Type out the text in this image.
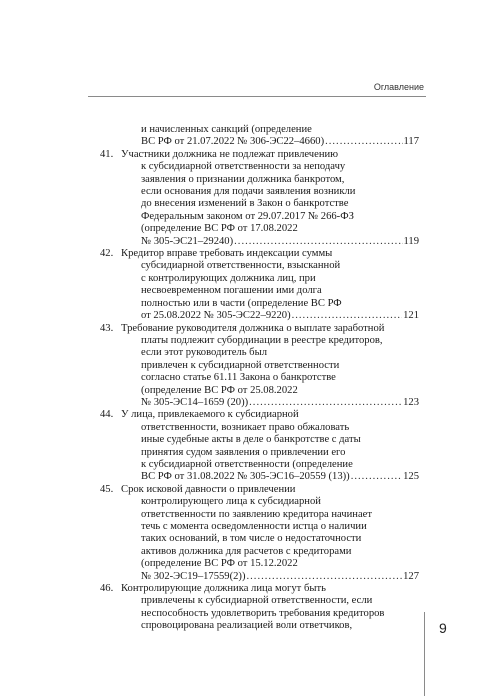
Оглавление
и начисленных санкций (определение
ВС РФ от 21.07.2022 № 306-ЭС22–4660) .....	117
41. Участники должника не подлежат привлечению
к субсидиарной ответственности за неподачу
заявления о признании должника банкротом,
если основания для подачи заявления возникли
до внесения изменений в Закон о банкротстве
Федеральным законом от 29.07.2017 № 266-ФЗ
(определение ВС РФ от 17.08.2022
№ 305-ЭС21–29240) .....	119
42. Кредитор вправе требовать индексации суммы
субсидиарной ответственности, взысканной
с контролирующих должника лиц, при
несвоевременном погашении ими долга
полностью или в части (определение ВС РФ
от 25.08.2022 № 305-ЭС22–9220) .....	121
43. Требование руководителя должника о выплате заработной
платы подлежит субординации в реестре кредиторов,
если этот руководитель был
привлечен к субсидиарной ответственности
согласно статье 61.11 Закона о банкротстве
(определение ВС РФ от 25.08.2022
№ 305-ЭС14–1659 (20)) .....	123
44. У лица, привлекаемого к субсидиарной
ответственности, возникает право обжаловать
иные судебные акты в деле о банкротстве с даты
принятия судом заявления о привлечении его
к субсидиарной ответственности (определение
ВС РФ от 31.08.2022 № 305-ЭС16–20559 (13)) .....	125
45. Срок исковой давности о привлечении
контролирующего лица к субсидиарной
ответственности по заявлению кредитора начинает
течь с момента осведомленности истца о наличии
таких оснований, в том числе о недостаточности
активов должника для расчетов с кредиторами
(определение ВС РФ от 15.12.2022
№ 302-ЭС19–17559(2)) .....	127
46. Контролирующие должника лица могут быть
привлечены к субсидиарной ответственности, если
неспособность удовлетворить требования кредиторов
спровоцирована реализацией воли ответчиков,	9
